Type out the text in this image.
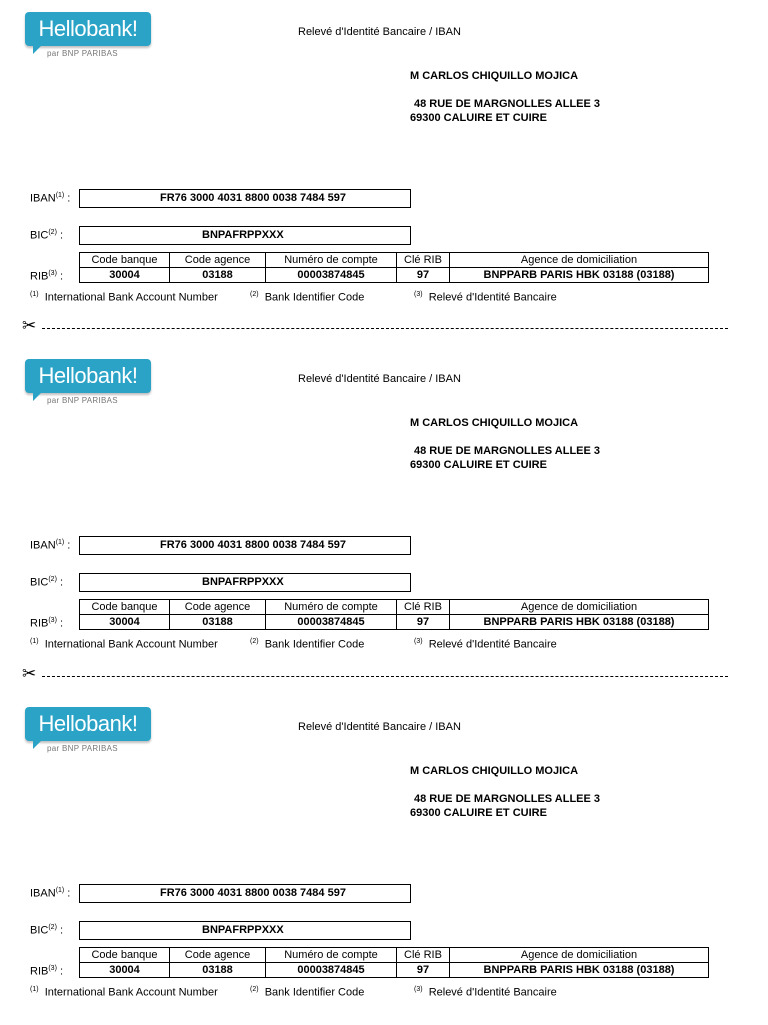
Hellobank!
par BNP PARIBAS
Relevé d'Identité Bancaire / IBAN
M CARLOS CHIQUILLO MOJICA
48 RUE DE MARGNOLLES ALLEE 3
69300 CALUIRE ET CUIRE
IBAN$^{(1)}$ :	FR76 3000 4031 8800 0038 7484 597
BIC$^{(2)}$ :	BNPAFRPPXXX
RIB$^{(3)}$ :
Code banque	Code agence	Numéro de compte	Clé RIB	Agence de domiciliation
30004	03188	00003874845	97	BNPPARB PARIS HBK 03188 (03188)
$^{(1)}$ International Bank Account Number	$^{(2)}$ Bank Identifier Code	$^{(3)}$ Relevé d'Identité Bancaire
Hellobank!
par BNP PARIBAS
Relevé d'Identité Bancaire / IBAN
M CARLOS CHIQUILLO MOJICA
48 RUE DE MARGNOLLES ALLEE 3
69300 CALUIRE ET CUIRE
IBAN$^{(1)}$ :	FR76 3000 4031 8800 0038 7484 597
BIC$^{(2)}$ :	BNPAFRPPXXX
RIB$^{(3)}$ :
Code banque	Code agence	Numéro de compte	Clé RIB	Agence de domiciliation
30004	03188	00003874845	97	BNPPARB PARIS HBK 03188 (03188)
$^{(1)}$ International Bank Account Number	$^{(2)}$ Bank Identifier Code	$^{(3)}$ Relevé d'Identité Bancaire
Hellobank!
par BNP PARIBAS
Relevé d'Identité Bancaire / IBAN
M CARLOS CHIQUILLO MOJICA
48 RUE DE MARGNOLLES ALLEE 3
69300 CALUIRE ET CUIRE
IBAN$^{(1)}$ :	FR76 3000 4031 8800 0038 7484 597
BIC$^{(2)}$ :	BNPAFRPPXXX
RIB$^{(3)}$ :
Code banque	Code agence	Numéro de compte	Clé RIB	Agence de domiciliation
30004	03188	00003874845	97	BNPPARB PARIS HBK 03188 (03188)
$^{(1)}$ International Bank Account Number	$^{(2)}$ Bank Identifier Code	$^{(3)}$ Relevé d'Identité Bancaire
✂
✂
